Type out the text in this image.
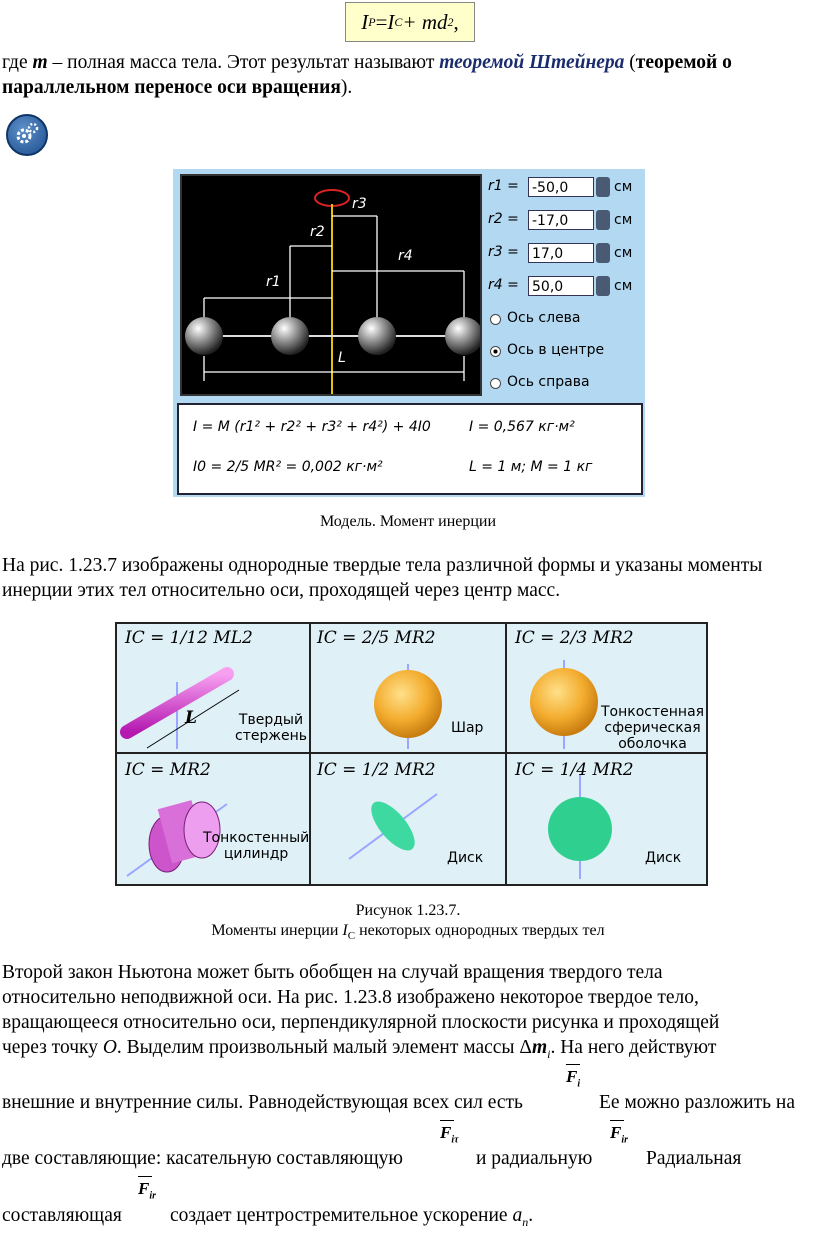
I P = I C + md 2 ,
где m – полная масса тела. Этот результат называют теоремой Штейнера (теоремой о параллельном переносе оси вращения).
r3
r2
r4
r1
L
r1 = -50,0	см
r2 = -17,0	см
r3 = 17,0	см
r4 = 50,0	см
Ось слева
Ось в центре
Ось справа
I = M (r1² + r2² + r3² + r4²) + 4I0	I = 0,567 кг·м²
I0 = 2/5 MR² = 0,002 кг·м²	L = 1 м; M = 1 кг
Модель. Момент инерции
На рис. 1.23.7 изображены однородные твердые тела различной формы и указаны моменты инерции этих тел относительно оси, проходящей через центр масс.
IC = 1/12 ML2
L	Твердый
стержень
IC = 2/5 MR2
Шар
IC = 2/3 MR2
Тонкостенная
сферическая
оболочка
IC = MR2
Тонкостенный
цилиндр
IC = 1/2 MR2
Диск
IC = 1/4 MR2
Диск
Рисунок 1.23.7.
Моменты инерции $I_C$ некоторых однородных твердых тел
Второй закон Ньютона может быть обобщен на случай вращения твердого тела
относительно неподвижной оси. На рис. 1.23.8 изображено некоторое твердое тело,
вращающееся относительно оси, перпендикулярной плоскости рисунка и проходящей
через точку O. Выделим произвольный малый элемент массы $\Delta m_i$. На него действуют
$F_i$
внешние и внутренние силы. Равнодействующая всех сил есть	Ее можно разложить на
$F_{i\tau}$	$F_{ir}$
две составляющие: касательную составляющую	и радиальную	Радиальная
$F_{ir}$
составляющая создает центростремительное ускорение $a_n$.
